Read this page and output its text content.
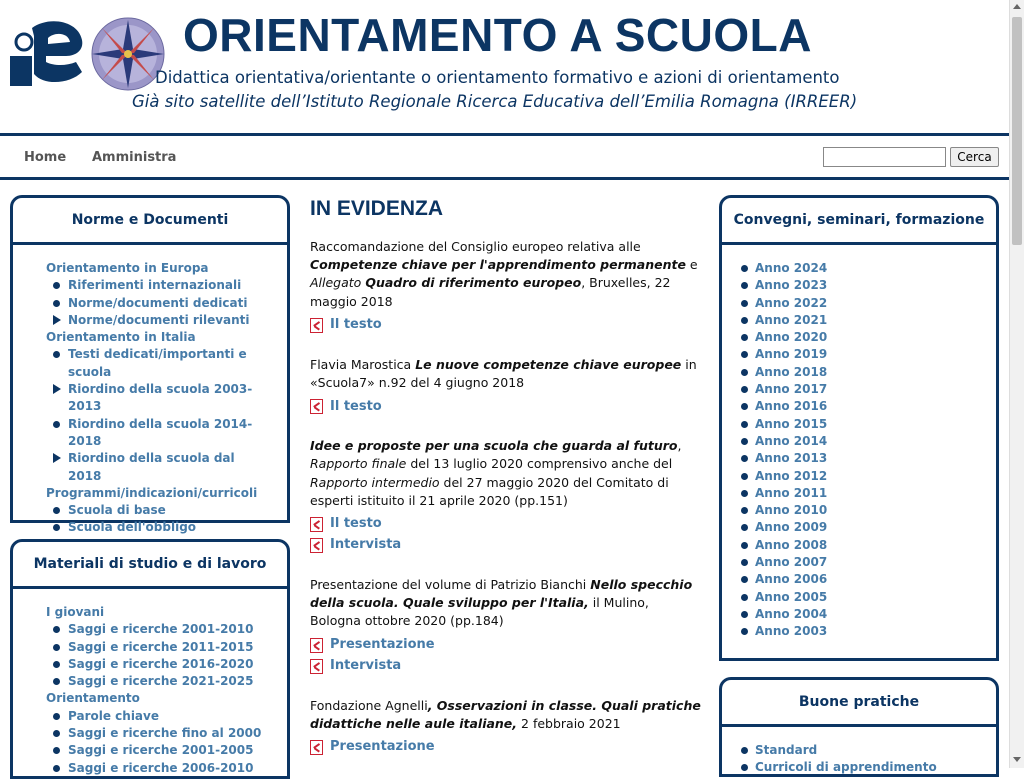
ORIENTAMENTO A SCUOLA
Didattica orientativa/orientante o orientamento formativo e azioni di orientamento
Già sito satellite dell’Istituto Regionale Ricerca Educativa dell’Emilia Romagna (IRREER)
Home Amministra	Cerca
Norme e Documenti
Orientamento in Europa
Riferimenti internazionali
Norme/documenti dedicati
Norme/documenti rilevanti
Orientamento in Italia
Testi dedicati/importanti e scuola
Riordino della scuola 2003-2013
Riordino della scuola 2014-2018
Riordino della scuola dal 2018
Programmi/indicazioni/curricoli
Scuola di base
Scuola dell'obbligo
Materiali di studio e di lavoro
I giovani
Saggi e ricerche 2001-2010
Saggi e ricerche 2011-2015
Saggi e ricerche 2016-2020
Saggi e ricerche 2021-2025
Orientamento
Parole chiave
Saggi e ricerche fino al 2000
Saggi e ricerche 2001-2005
Saggi e ricerche 2006-2010
IN EVIDENZA
Raccomandazione del Consiglio europeo relativa alle Competenze chiave per l'apprendimento permanente e Allegato Quadro di riferimento europeo, Bruxelles, 22 maggio 2018
Il testo
Flavia Marostica Le nuove competenze chiave europee in «Scuola7» n.92 del 4 giugno 2018
Il testo
Idee e proposte per una scuola che guarda al futuro, Rapporto finale del 13 luglio 2020 comprensivo anche del Rapporto intermedio del 27 maggio 2020 del Comitato di esperti istituito il 21 aprile 2020 (pp.151)
Il testo
Intervista
Presentazione del volume di Patrizio Bianchi Nello specchio della scuola. Quale sviluppo per l'Italia, il Mulino, Bologna ottobre 2020 (pp.184)
Presentazione
Intervista
Fondazione Agnelli, Osservazioni in classe. Quali pratiche didattiche nelle aule italiane, 2 febbraio 2021
Presentazione
Convegni, seminari, formazione
Anno 2024
Anno 2023
Anno 2022
Anno 2021
Anno 2020
Anno 2019
Anno 2018
Anno 2017
Anno 2016
Anno 2015
Anno 2014
Anno 2013
Anno 2012
Anno 2011
Anno 2010
Anno 2009
Anno 2008
Anno 2007
Anno 2006
Anno 2005
Anno 2004
Anno 2003
Buone pratiche
Standard
Curricoli di apprendimento
